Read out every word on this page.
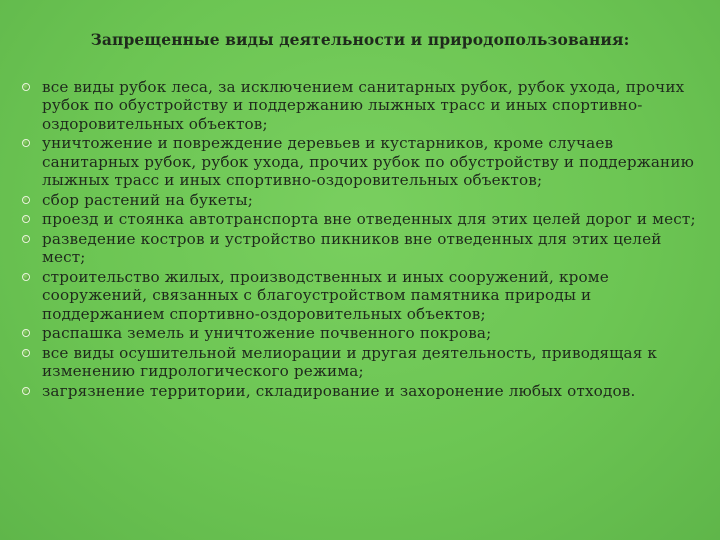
Запрещенные виды деятельности и природопользования:
все виды рубок леса, за исключением санитарных рубок, рубок ухода, прочих рубок по обустройству и поддержанию лыжных трасс и иных спортивно-оздоровительных объектов;
уничтожение и повреждение деревьев и кустарников, кроме случаев санитарных рубок, рубок ухода, прочих рубок по обустройству и поддержанию лыжных трасс и иных спортивно-оздоровительных объектов;
сбор растений на букеты;
проезд и стоянка автотранспорта вне отведенных для этих целей дорог и мест;
разведение костров и устройство пикников вне отведенных для этих целей мест;
строительство жилых, производственных и иных сооружений, кроме сооружений, связанных с благоустройством памятника природы и поддержанием спортивно-оздоровительных объектов;
распашка земель и уничтожение почвенного покрова;
все виды осушительной мелиорации и другая деятельность, приводящая к изменению гидрологического режима;
загрязнение территории, складирование и захоронение любых отходов.
